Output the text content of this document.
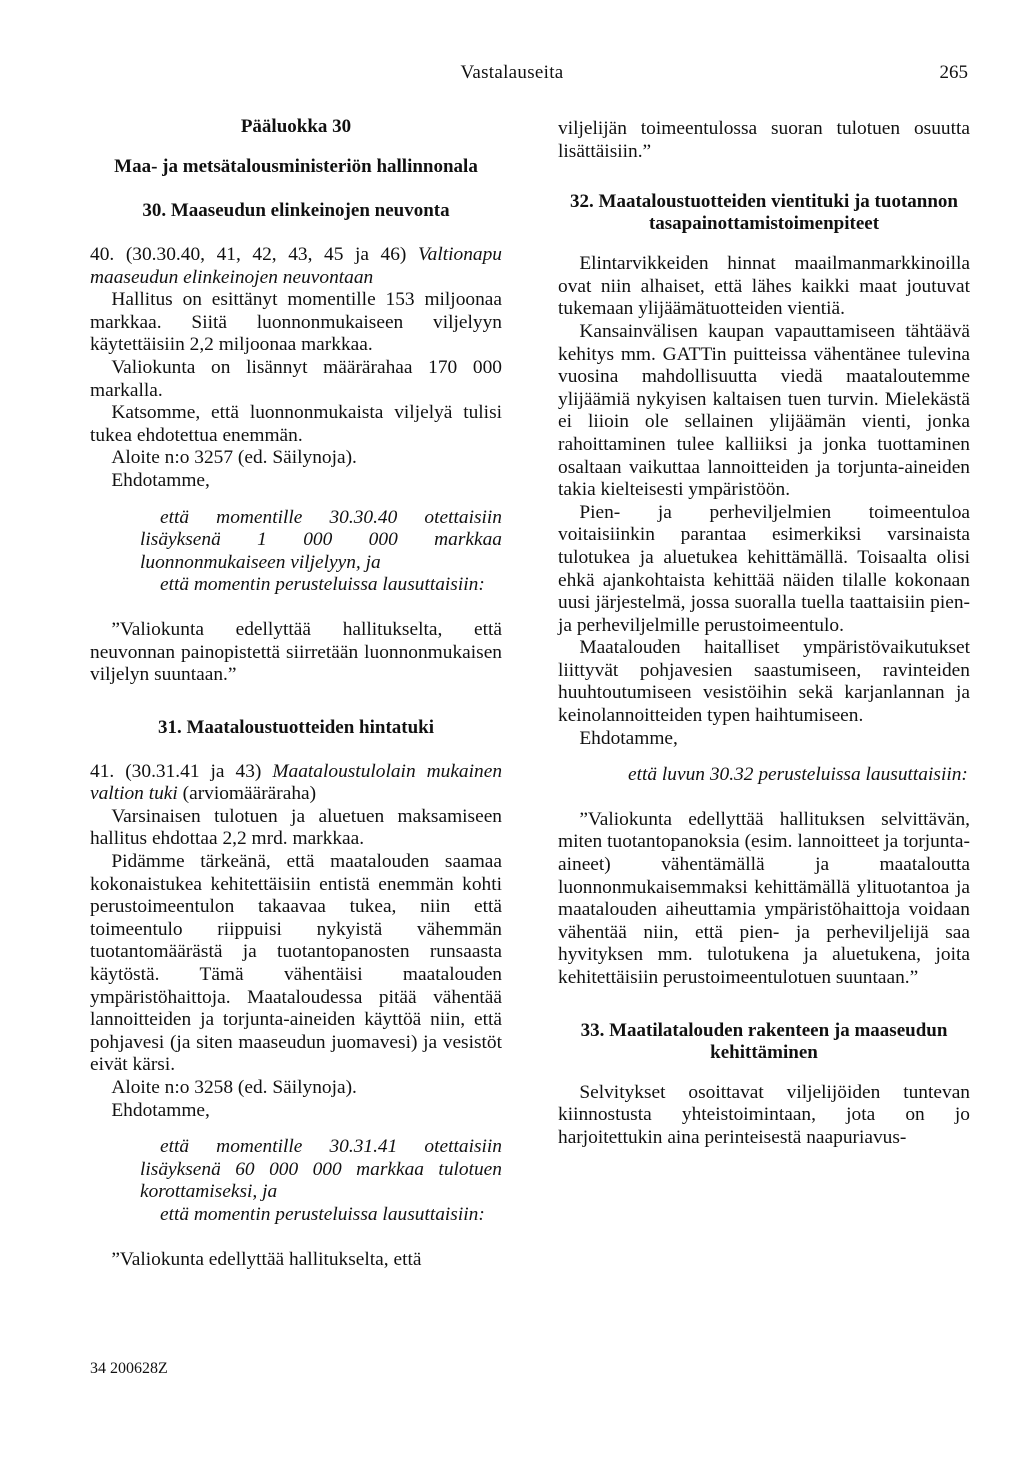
Vastalauseita	265

Pääluokka 30

Maa- ja metsätalousministeriön hallinnonala

30. Maaseudun elinkeinojen neuvonta

40. (30.30.40, 41, 42, 43, 45 ja 46) Valtionapu maaseudun elinkeinojen neuvontaan

Hallitus on esittänyt momentille 153 miljoonaa markkaa. Siitä luonnonmukaiseen viljelyyn käytettäisiin 2,2 miljoonaa markkaa.

Valiokunta on lisännyt määrärahaa 170 000 markalla.

Katsomme, että luonnonmukaista viljelyä tulisi tukea ehdotettua enemmän.

Aloite n:o 3257 (ed. Säilynoja).

Ehdotamme,

että momentille 30.30.40 otettaisiin lisäyksenä 1 000 000 markkaa luonnonmukaiseen viljelyyn, ja

että momentin perusteluissa lausuttaisiin:

”Valiokunta edellyttää hallitukselta, että neuvonnan painopistettä siirretään luonnonmukaisen viljelyn suuntaan.”

31. Maataloustuotteiden hintatuki

41. (30.31.41 ja 43) Maataloustulolain mukainen valtion tuki (arviomääräraha)

Varsinaisen tulotuen ja aluetuen maksamiseen hallitus ehdottaa 2,2 mrd. markkaa.

Pidämme tärkeänä, että maatalouden saamaa kokonaistukea kehitettäisiin entistä enemmän kohti perustoimeentulon takaavaa tukea, niin että toimeentulo riippuisi nykyistä vähemmän tuotantomäärästä ja tuotantopanosten runsaasta käytöstä. Tämä vähentäisi maatalouden ympäristöhaittoja. Maataloudessa pitää vähentää lannoitteiden ja torjunta-aineiden käyttöä niin, että pohjavesi (ja siten maaseudun juomavesi) ja vesistöt eivät kärsi.

Aloite n:o 3258 (ed. Säilynoja).

Ehdotamme,

että momentille 30.31.41 otettaisiin lisäyksenä 60 000 000 markkaa tulotuen korottamiseksi, ja

että momentin perusteluissa lausuttaisiin:

”Valiokunta edellyttää hallitukselta, että

viljelijän toimeentulossa suoran tulotuen osuutta lisättäisiin.”

32. Maataloustuotteiden vientituki ja tuotannon tasapainottamistoimenpiteet

Elintarvikkeiden hinnat maailmanmarkkinoilla ovat niin alhaiset, että lähes kaikki maat joutuvat tukemaan ylijäämätuotteiden vientiä.

Kansainvälisen kaupan vapauttamiseen tähtäävä kehitys mm. GATTin puitteissa vähentänee tulevina vuosina mahdollisuutta viedä maataloutemme ylijäämiä nykyisen kaltaisen tuen turvin. Mielekästä ei liioin ole sellainen ylijäämän vienti, jonka rahoittaminen tulee kalliiksi ja jonka tuottaminen osaltaan vaikuttaa lannoitteiden ja torjunta-aineiden takia kielteisesti ympäristöön.

Pien- ja perheviljelmien toimeentuloa voitaisiinkin parantaa esimerkiksi varsinaista tulotukea ja aluetukea kehittämällä. Toisaalta olisi ehkä ajankohtaista kehittää näiden tilalle kokonaan uusi järjestelmä, jossa suoralla tuella taattaisiin pien- ja perheviljelmille perustoimeentulo.

Maatalouden haitalliset ympäristövaikutukset liittyvät pohjavesien saastumiseen, ravinteiden huuhtoutumiseen vesistöihin sekä karjanlannan ja keinolannoitteiden typen haihtumiseen.

Ehdotamme,

että luvun 30.32 perusteluissa lausuttaisiin:

”Valiokunta edellyttää hallituksen selvittävän, miten tuotantopanoksia (esim. lannoitteet ja torjunta-aineet) vähentämällä ja maataloutta luonnonmukaisemmaksi kehittämällä ylituotantoa ja maatalouden aiheuttamia ympäristöhaittoja voidaan vähentää niin, että pien- ja perheviljelijä saa hyvityksen mm. tulotukena ja aluetukena, joita kehitettäisiin perustoimeentulotuen suuntaan.”

33. Maatilatalouden rakenteen ja maaseudun kehittäminen

Selvitykset osoittavat viljelijöiden tuntevan kiinnostusta yhteistoimintaan, jota on jo harjoitettukin aina perinteisestä naapuriavus-

34 200628Z
